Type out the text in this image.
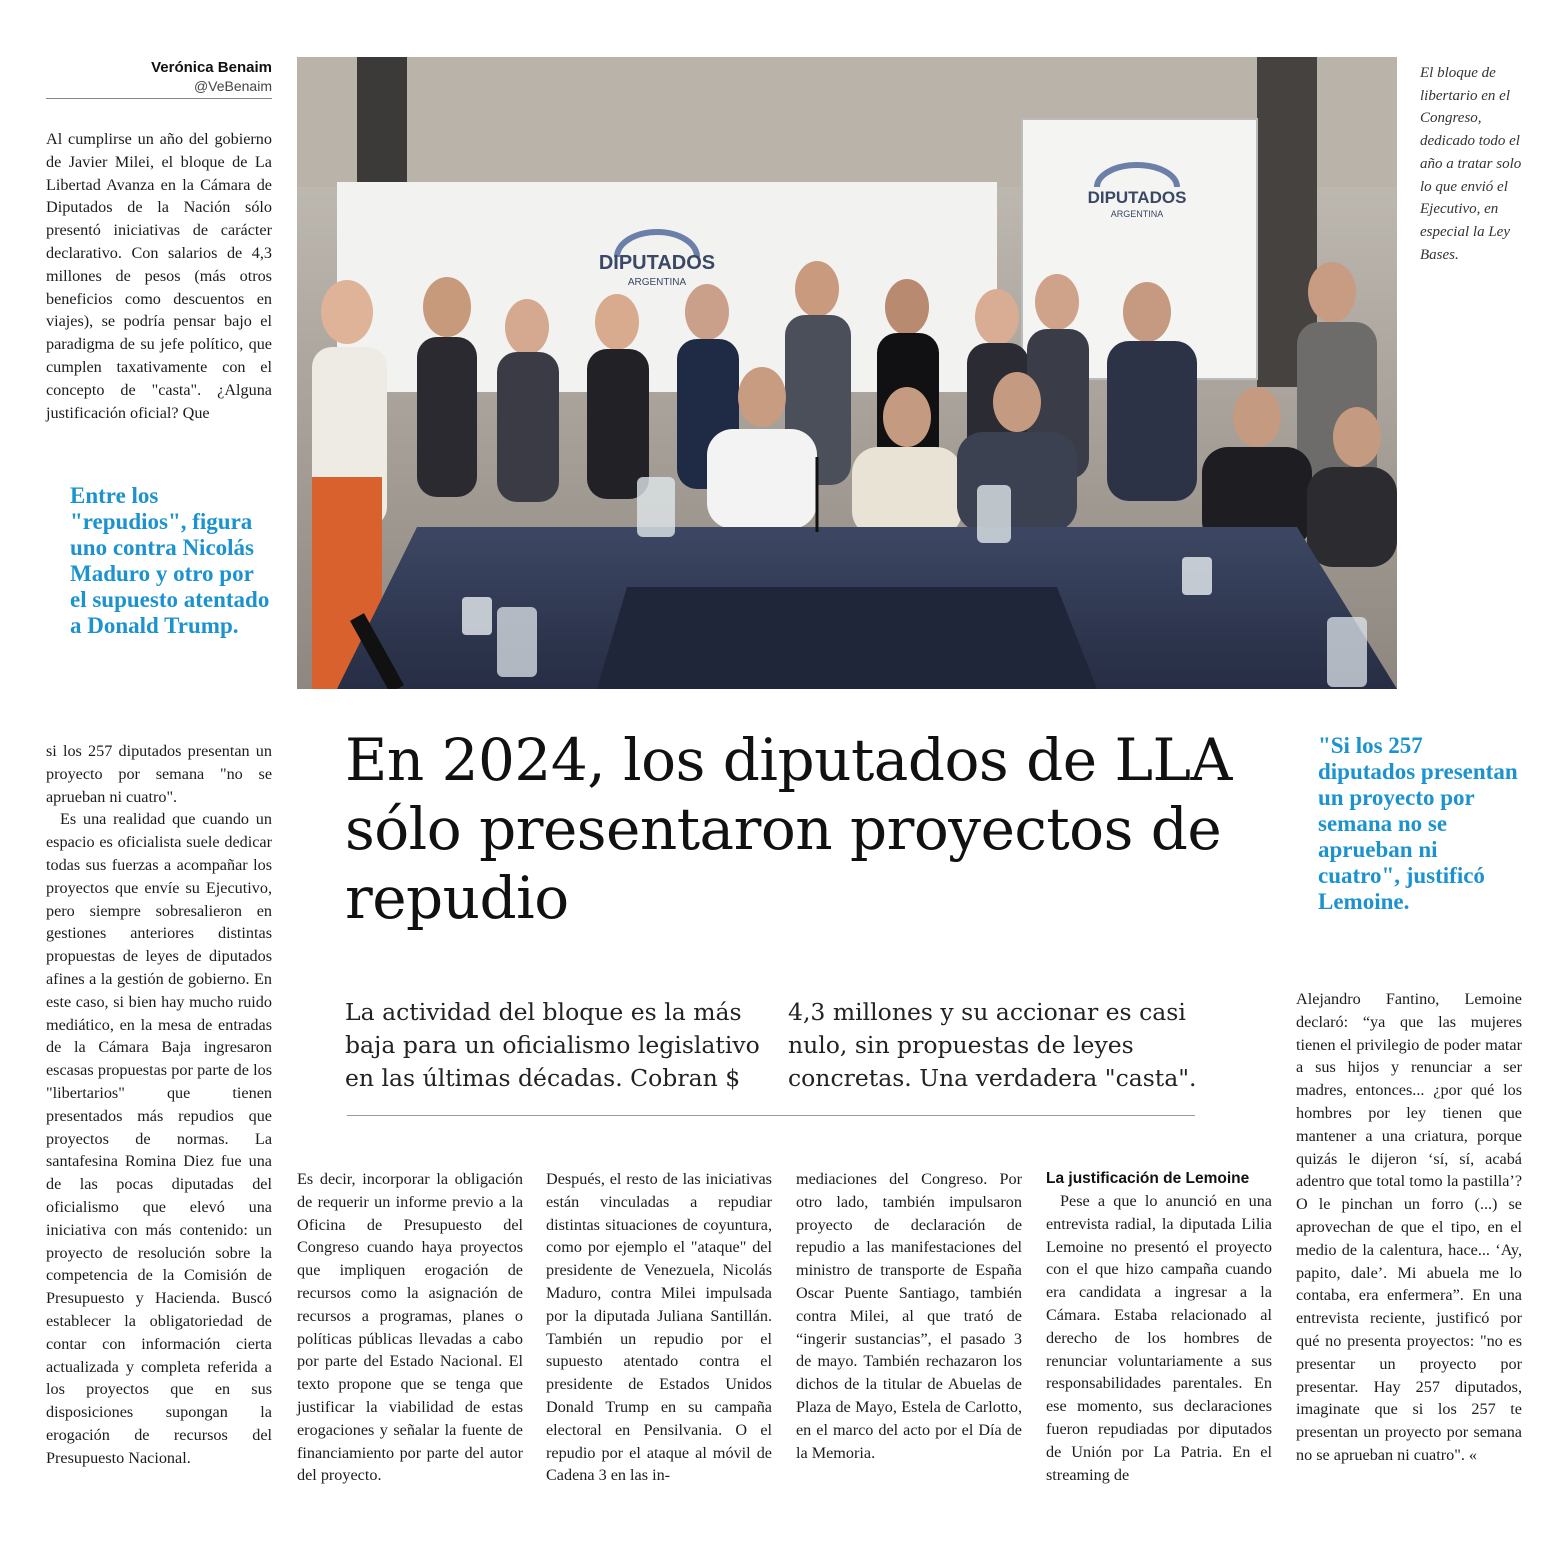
Verónica Benaim
@VeBenaim

Al cumplirse un año del gobierno de Javier Milei, el bloque de La Libertad Avanza en la Cámara de Diputados de la Nación sólo presentó iniciativas de carácter declarativo. Con salarios de 4,3 millones de pesos (más otros beneficios como descuentos en viajes), se podría pensar bajo el paradigma de su jefe político, que cumplen taxativamente con el concepto de "casta". ¿Alguna justificación oficial? Que

Entre los "repudios", figura uno contra Nicolás Maduro y otro por el supuesto atentado a Donald Trump.
DIPUTADOS
ARGENTINA
DIPUTADOS
ARGENTINA
El bloque de libertario en el Congreso, dedicado todo el año a tratar solo lo que envió el Ejecutivo, en especial la Ley Bases.

si los 257 diputados presentan un proyecto por semana "no se aprueban ni cuatro".

Es una realidad que cuando un espacio es oficialista suele dedicar todas sus fuerzas a acompañar los proyectos que envíe su Ejecutivo, pero siempre sobresalieron en gestiones anteriores distintas propuestas de leyes de diputados afines a la gestión de gobierno. En este caso, si bien hay mucho ruido mediático, en la mesa de entradas de la Cámara Baja ingresaron escasas propuestas por parte de los "libertarios" que tienen presentados más repudios que proyectos de normas. La santafesina Romina Diez fue una de las pocas diputadas del oficialismo que elevó una iniciativa con más contenido: un proyecto de resolución sobre la competencia de la Comisión de Presupuesto y Hacienda. Buscó establecer la obligatoriedad de contar con información cierta actualizada y completa referida a los proyectos que en sus disposiciones supongan la erogación de recursos del Presupuesto Nacional.

En 2024, los diputados de LLA sólo presentaron proyectos de repudio
La actividad del bloque es la más baja para un oficialismo legislativo en las últimas décadas. Cobran $ 4,3 millones y su accionar es casi nulo, sin propuestas de leyes concretas. Una verdadera "casta".
"Si los 257 diputados presentan un proyecto por semana no se aprueban ni cuatro", justificó Lemoine.

Es decir, incorporar la obligación de requerir un informe previo a la Oficina de Presupuesto del Congreso cuando haya proyectos que impliquen erogación de recursos como la asignación de recursos a programas, planes o políticas públicas llevadas a cabo por parte del Estado Nacional. El texto propone que se tenga que justificar la viabilidad de estas erogaciones y señalar la fuente de financiamiento por parte del autor del proyecto.

Después, el resto de las iniciativas están vinculadas a repudiar distintas situaciones de coyuntura, como por ejemplo el "ataque" del presidente de Venezuela, Nicolás Maduro, contra Milei impulsada por la diputada Juliana Santillán. También un repudio por el supuesto atentado contra el presidente de Estados Unidos Donald Trump en su campaña electoral en Pensilvania. O el repudio por el ataque al móvil de Cadena 3 en las in-

mediaciones del Congreso. Por otro lado, también impulsaron proyecto de declaración de repudio a las manifestaciones del ministro de transporte de España Oscar Puente Santiago, también contra Milei, al que trató de “ingerir sustancias”, el pasado 3 de mayo. También rechazaron los dichos de la titular de Abuelas de Plaza de Mayo, Estela de Carlotto, en el marco del acto por el Día de la Memoria.

La justificación de Lemoine

Pese a que lo anunció en una entrevista radial, la diputada Lilia Lemoine no presentó el proyecto con el que hizo campaña cuando era candidata a ingresar a la Cámara. Estaba relacionado al derecho de los hombres de renunciar voluntariamente a sus responsabilidades parentales. En ese momento, sus declaraciones fueron repudiadas por diputados de Unión por La Patria. En el streaming de

Alejandro Fantino, Lemoine declaró: “ya que las mujeres tienen el privilegio de poder matar a sus hijos y renunciar a ser madres, entonces... ¿por qué los hombres por ley tienen que mantener a una criatura, porque quizás le dijeron ‘sí, sí, acabá adentro que total tomo la pastilla’? O le pinchan un forro (...) se aprovechan de que el tipo, en el medio de la calentura, hace... ‘Ay, papito, dale’. Mi abuela me lo contaba, era enfermera”. En una entrevista reciente, justificó por qué no presenta proyectos: "no es presentar un proyecto por presentar. Hay 257 diputados, imaginate que si los 257 te presentan un proyecto por semana no se aprueban ni cuatro". «
